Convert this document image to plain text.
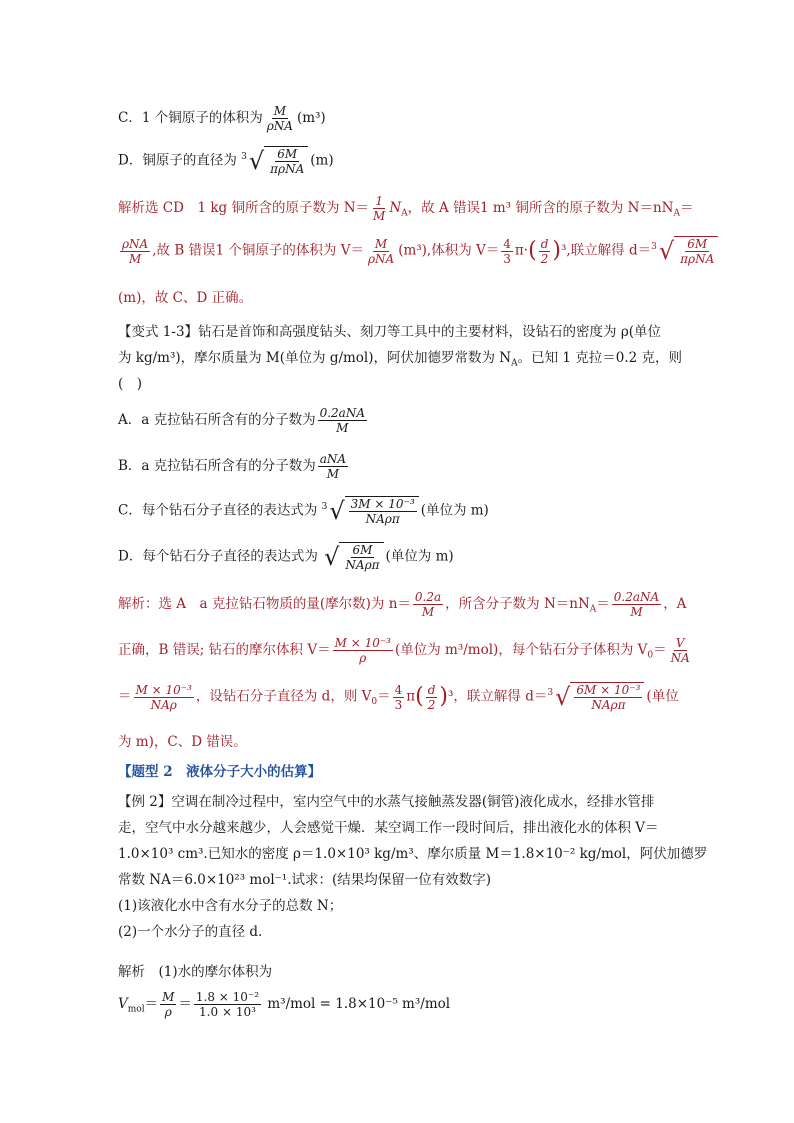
C．1 个铜原子的体积为 $\frac{M}{\text{ρNA}} (m^3)$
D．铜原子的直径为 $^3$ √ $\frac{6M}{\text{πρNA}} (m)$
解析选 CD　1 kg 铜所含的原子数为 $N= \frac{1}{M} N_A$，故 A 错误1 m³ 铜所含的原子数为 $N=nN_A=$
$\frac{\text{ρNA}}{M}$ ,故 B 错误1 个铜原子的体积为 $V= \frac{M}{\text{ρNA}} (m^3)$,体积为 $V= \frac{4}{3} \pi\cdot( \frac{d}{2} )^3$,联立解得 d＝$^3$ √ $\frac{6M}{\text{πρNA}}$
(m)，故 C、D 正确。
【变式 1-3】钻石是首饰和高强度钻头、刻刀等工具中的主要材料，设钻石的密度为 ρ(单位
为 kg/m³)，摩尔质量为 M(单位为 g/mol)，阿伏加德罗常数为 $N_A$。已知 1 克拉＝0.2 克，则
(　)
A．a 克拉钻石所含有的分子数为 $\frac{\text{0.2aNA}}{M}$
B．a 克拉钻石所含有的分子数为 $\frac{\text{aNA}}{M}$
C．每个钻石分子直径的表达式为 $^3$ √ $\frac{\text{3M × 10⁻³}}{\text{NAρπ}}$ (单位为 m)
D．每个钻石分子直径的表达式为 √ $\frac{6M}{\text{NAρπ}}$ (单位为 m)
解析：选 A　a 克拉钻石物质的量(摩尔数)为 $n= \frac{0.2a}{M}$ ，所含分子数为 $N=nN_A= \frac{\text{0.2aNA}}{M}$ ，A
正确，B 错误; 钻石的摩尔体积 $V= \frac{\text{M × 10⁻³}}{\rho}$ (单位为 m³/mol)，每个钻石分子体积为 $V_0= \frac{V}{NA}$
＝ $\frac{\text{M × 10⁻³}}{\text{NAρ}}$ ，设钻石分子直径为 d，则 $V_0= \frac{4}{3} \pi( \frac{d}{2} )^3$，联立解得 d＝$^3$ √ $\frac{\text{6M × 10⁻³}}{\text{NAρπ}}$ (单位
为 m)，C、D 错误。
【题型 2　液体分子大小的估算】
【例 2】空调在制冷过程中，室内空气中的水蒸气接触蒸发器(铜管)液化成水，经排水管排
走，空气中水分越来越少，人会感觉干燥．某空调工作一段时间后，排出液化水的体积 V＝
1.0×10³ cm³.已知水的密度 ρ＝1.0×10³ kg/m³、摩尔质量 M＝1.8×10⁻² kg/mol，阿伏加德罗
常数 NA＝6.0×10²³ mol⁻¹.试求：(结果均保留一位有效数字)
(1)该液化水中含有水分子的总数 N；
(2)一个水分子的直径 d.
解析　(1)水的摩尔体积为
$V_{mol}= \frac{M}{\rho} = \frac{\text{1.8 × 10⁻²}}{\text{1.0 × 10³}} m^3/mol = 1.8\times 10^{-5}$ m³/mol
